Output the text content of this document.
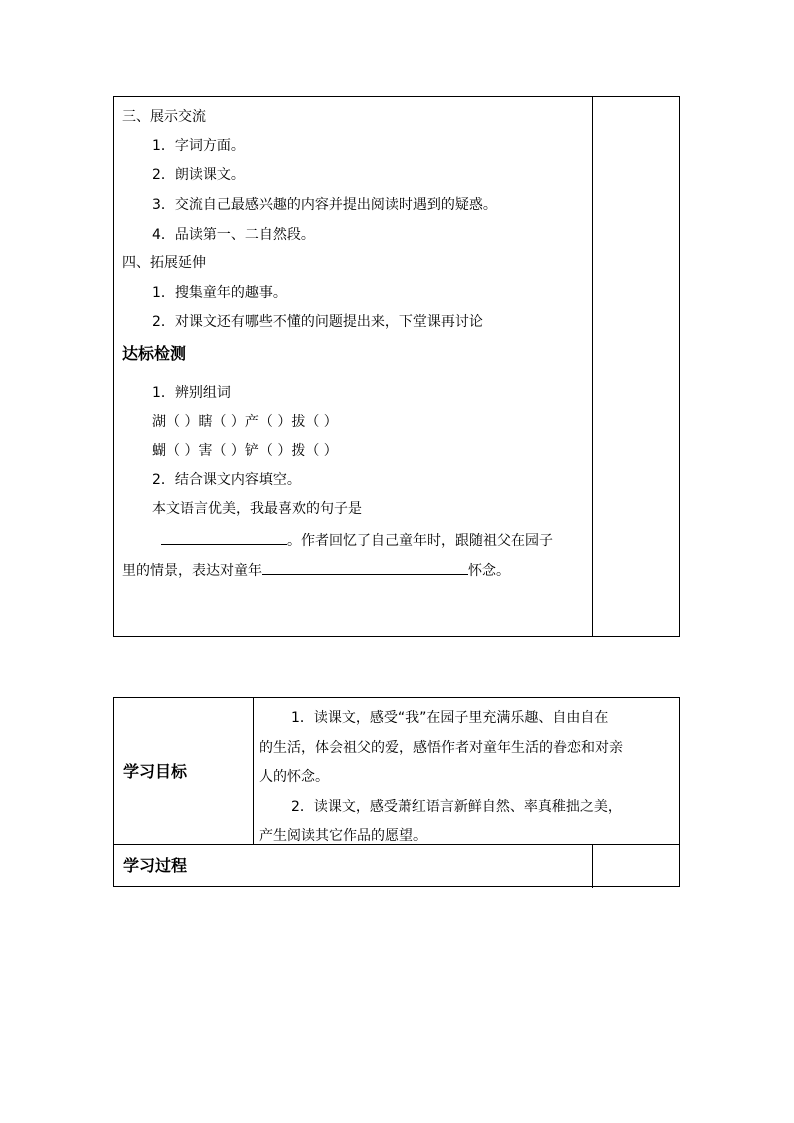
三、展示交流
1．字词方面。
2．朗读课文。
3．交流自己最感兴趣的内容并提出阅读时遇到的疑惑。
4．品读第一、二自然段。
四、拓展延伸
1．搜集童年的趣事。
2．对课文还有哪些不懂的问题提出来，下堂课再讨论
达标检测
1．辨别组词
湖（ ）瞎（ ）产（ ）拔（ ）
蝴（ ）害（ ）铲（ ）拨（ ）
2．结合课文内容填空。
本文语言优美，我最喜欢的句子是
。作者回忆了自己童年时，跟随祖父在园子
里的情景，表达对童年	怀念。
学习目标
1．读课文，感受“我”在园子里充满乐趣、自由自在
的生活，体会祖父的爱，感悟作者对童年生活的眷恋和对亲
人的怀念。
2．读课文，感受萧红语言新鲜自然、率真稚拙之美，
产生阅读其它作品的愿望。
学习过程
